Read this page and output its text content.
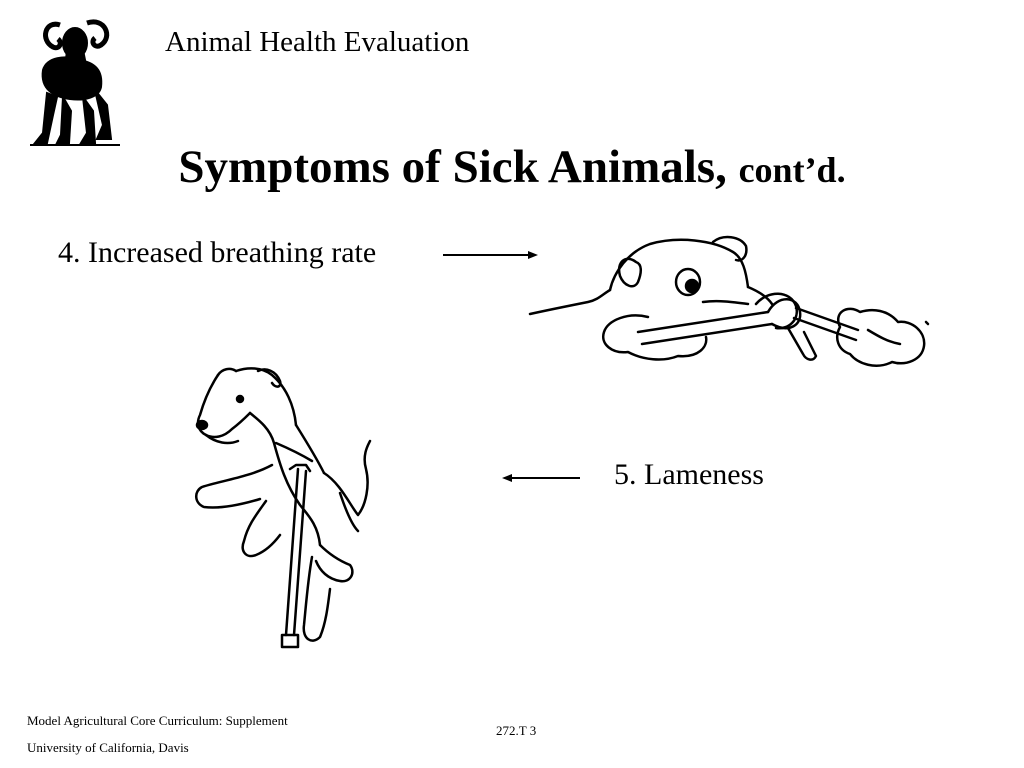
Animal Health Evaluation
Symptoms of Sick Animals, cont’d.
4. Increased breathing rate
5. Lameness
Model Agricultural Core Curriculum: Supplement
University of California, Davis
272.T 3
